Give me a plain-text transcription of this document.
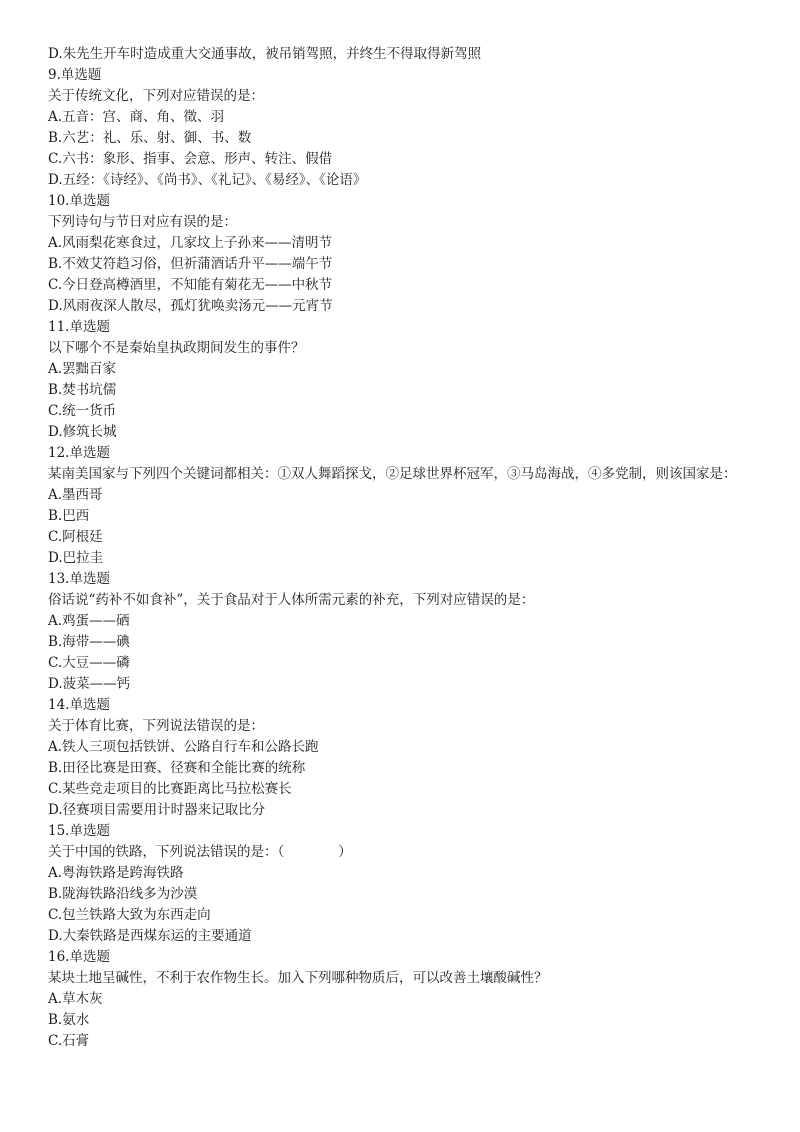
D.朱先生开车时造成重大交通事故，被吊销驾照，并终生不得取得新驾照
9.单选题
关于传统文化，下列对应错误的是：
A.五音：宫、商、角、徵、羽
B.六艺：礼、乐、射、御、书、数
C.六书：象形、指事、会意、形声、转注、假借
D.五经：《诗经》、《尚书》、《礼记》、《易经》、《论语》
10.单选题
下列诗句与节日对应有误的是：
A.风雨梨花寒食过，几家坟上子孙来——清明节
B.不效艾符趋习俗，但祈蒲酒话升平——端午节
C.今日登高樽酒里，不知能有菊花无——中秋节
D.风雨夜深人散尽，孤灯犹唤卖汤元——元宵节
11.单选题
以下哪个不是秦始皇执政期间发生的事件？
A.罢黜百家
B.焚书坑儒
C.统一货币
D.修筑长城
12.单选题
某南美国家与下列四个关键词都相关：①双人舞蹈探戈，②足球世界杯冠军，③马岛海战，④多党制，则该国家是：
A.墨西哥
B.巴西
C.阿根廷
D.巴拉圭
13.单选题
俗话说“药补不如食补”，关于食品对于人体所需元素的补充，下列对应错误的是：
A.鸡蛋——硒
B.海带——碘
C.大豆——磷
D.菠菜——钙
14.单选题
关于体育比赛，下列说法错误的是：
A.铁人三项包括铁饼、公路自行车和公路长跑
B.田径比赛是田赛、径赛和全能比赛的统称
C.某些竞走项目的比赛距离比马拉松赛长
D.径赛项目需要用计时器来记取比分
15.单选题
关于中国的铁路，下列说法错误的是：（　　　　）
A.粤海铁路是跨海铁路
B.陇海铁路沿线多为沙漠
C.包兰铁路大致为东西走向
D.大秦铁路是西煤东运的主要通道
16.单选题
某块土地呈碱性，不利于农作物生长。加入下列哪种物质后，可以改善土壤酸碱性？
A.草木灰
B.氨水
C.石膏
